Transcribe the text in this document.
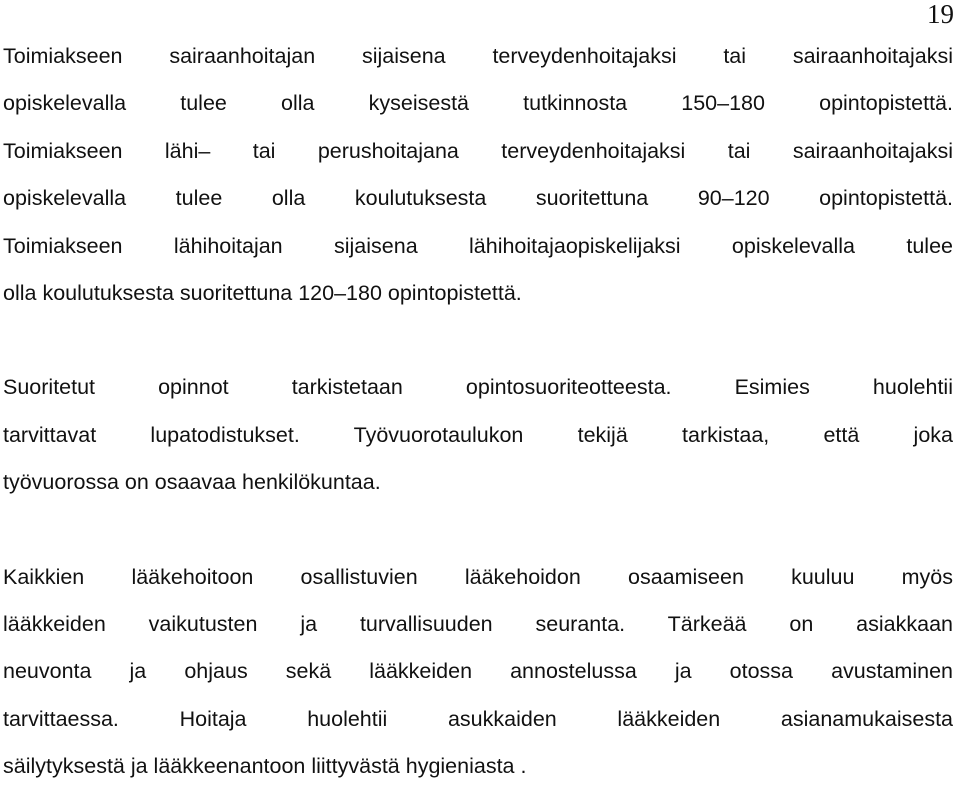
19

Toimiakseen sairaanhoitajan sijaisena terveydenhoitajaksi tai sairaanhoitajaksi
opiskelevalla tulee olla kyseisestä tutkinnosta 150–180 opintopistettä.
Toimiakseen lähi– tai perushoitajana terveydenhoitajaksi tai sairaanhoitajaksi
opiskelevalla tulee olla koulutuksesta suoritettuna 90–120 opintopistettä.
Toimiakseen lähihoitajan sijaisena lähihoitajaopiskelijaksi opiskelevalla tulee
olla koulutuksesta suoritettuna 120–180 opintopistettä.

Suoritetut opinnot tarkistetaan opintosuoriteotteesta. Esimies huolehtii
tarvittavat lupatodistukset. Työvuorotaulukon tekijä tarkistaa, että joka
työvuorossa on osaavaa henkilökuntaa.

Kaikkien lääkehoitoon osallistuvien lääkehoidon osaamiseen kuuluu myös
lääkkeiden vaikutusten ja turvallisuuden seuranta. Tärkeää on asiakkaan
neuvonta ja ohjaus sekä lääkkeiden annostelussa ja otossa avustaminen
tarvittaessa. Hoitaja huolehtii asukkaiden lääkkeiden asianamukaisesta
säilytyksestä ja lääkkeenantoon liittyvästä hygieniasta .
